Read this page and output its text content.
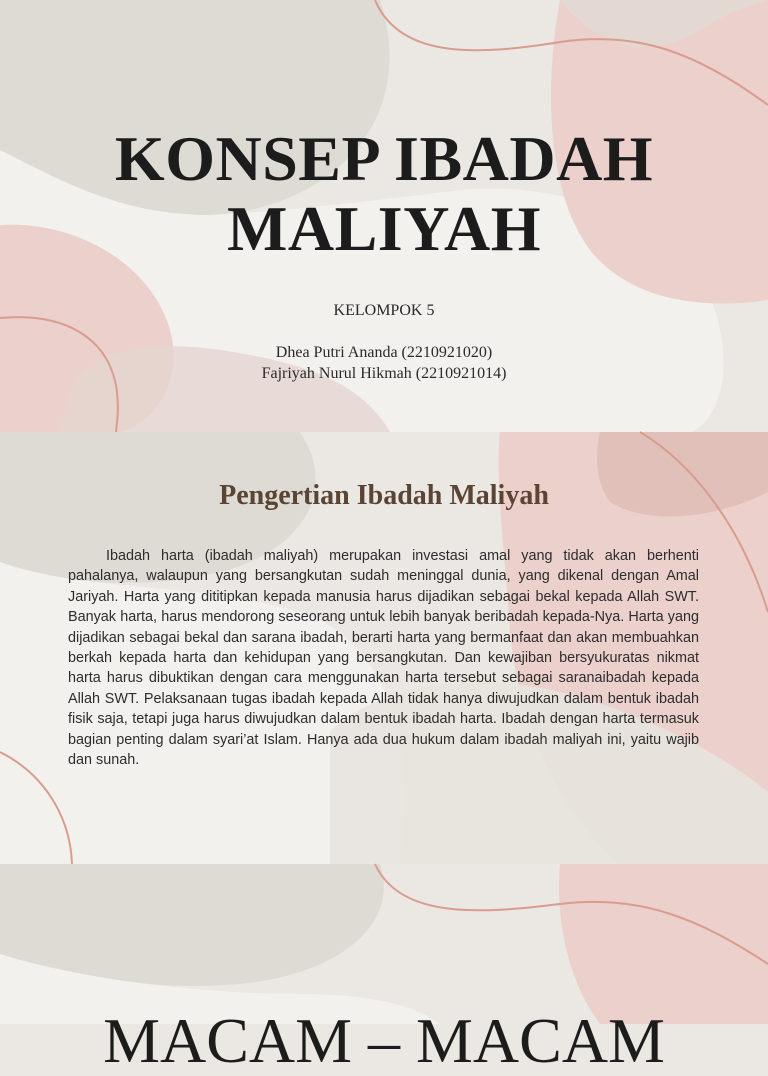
KONSEP IBADAH
MALIYAH
KELOMPOK 5
Dhea Putri Ananda (2210921020)
Fajriyah Nurul Hikmah (2210921014)
Pengertian Ibadah Maliyah

Ibadah harta (ibadah maliyah) merupakan investasi amal yang tidak akan berhenti pahalanya, walaupun yang bersangkutan sudah meninggal dunia, yang dikenal dengan Amal Jariyah. Harta yang dititipkan kepada manusia harus dijadikan sebagai bekal kepada Allah SWT. Banyak harta, harus mendorong seseorang untuk lebih banyak beribadah kepada-Nya. Harta yang dijadikan sebagai bekal dan sarana ibadah, berarti harta yang bermanfaat dan akan membuahkan berkah kepada harta dan kehidupan yang bersangkutan. Dan kewajiban bersyukuratas nikmat harta harus dibuktikan dengan cara menggunakan harta tersebut sebagai saranaibadah kepada Allah SWT. Pelaksanaan tugas ibadah kepada Allah tidak hanya diwujudkan dalam bentuk ibadah fisik saja, tetapi juga harus diwujudkan dalam bentuk ibadah harta. Ibadah dengan harta termasuk bagian penting dalam syari’at Islam. Hanya ada dua hukum dalam ibadah maliyah ini, yaitu wajib dan sunah.

MACAM – MACAM
